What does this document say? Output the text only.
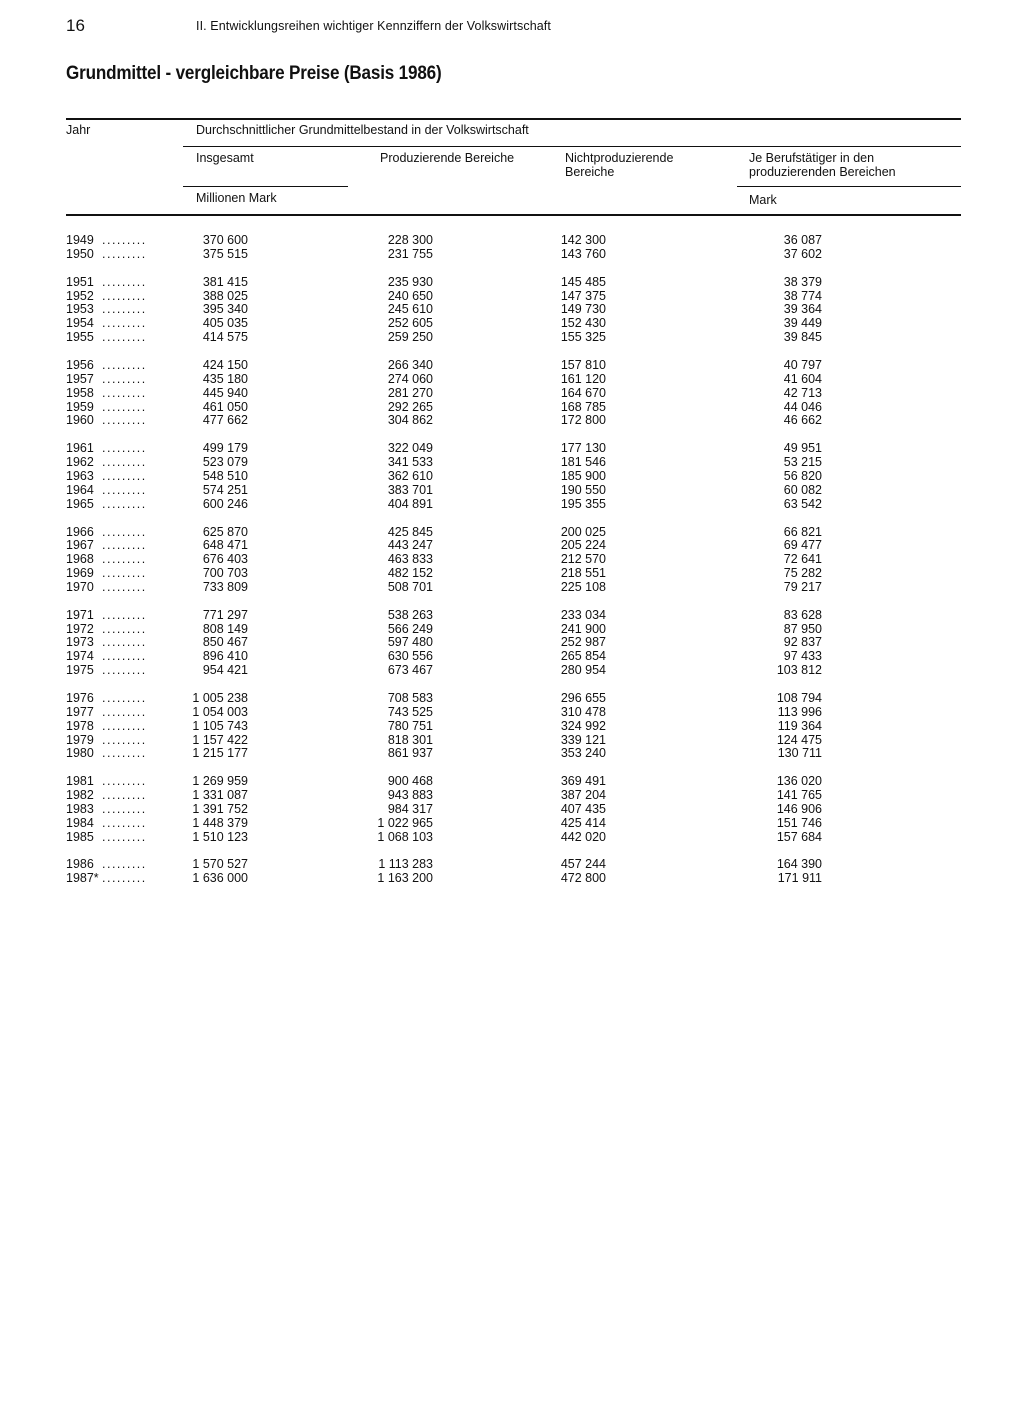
16	II. Entwicklungsreihen wichtiger Kennziffern der Volkswirtschaft
Grundmittel - vergleichbare Preise (Basis 1986)
Jahr	Durchschnittlicher Grundmittelbestand in der Volkswirtschaft
Insgesamt	Produzierende Bereiche	Nichtproduzierende
Bereiche
Je Berufstätiger in den
produzierenden Bereichen
Millionen Mark	Mark
1949 .........	370 600	228 300	142 300	36 087
1950 .........	375 515	231 755	143 760	37 602
1951 .........	381 415	235 930	145 485	38 379
1952 .........	388 025	240 650	147 375	38 774
1953 .........	395 340	245 610	149 730	39 364
1954 .........	405 035	252 605	152 430	39 449
1955 .........	414 575	259 250	155 325	39 845
1956 .........	424 150	266 340	157 810	40 797
1957 .........	435 180	274 060	161 120	41 604
1958 .........	445 940	281 270	164 670	42 713
1959 .........	461 050	292 265	168 785	44 046
1960 .........	477 662	304 862	172 800	46 662
1961 .........	499 179	322 049	177 130	49 951
1962 .........	523 079	341 533	181 546	53 215
1963 .........	548 510	362 610	185 900	56 820
1964 .........	574 251	383 701	190 550	60 082
1965 .........	600 246	404 891	195 355	63 542
1966 .........	625 870	425 845	200 025	66 821
1967 .........	648 471	443 247	205 224	69 477
1968 .........	676 403	463 833	212 570	72 641
1969 .........	700 703	482 152	218 551	75 282
1970 .........	733 809	508 701	225 108	79 217
1971 .........	771 297	538 263	233 034	83 628
1972 .........	808 149	566 249	241 900	87 950
1973 .........	850 467	597 480	252 987	92 837
1974 .........	896 410	630 556	265 854	97 433
1975 .........	954 421	673 467	280 954	103 812
1976 .........	1 005 238	708 583	296 655	108 794
1977 .........	1 054 003	743 525	310 478	113 996
1978 .........	1 105 743	780 751	324 992	119 364
1979 .........	1 157 422	818 301	339 121	124 475
1980 .........	1 215 177	861 937	353 240	130 711
1981 .........	1 269 959	900 468	369 491	136 020
1982 .........	1 331 087	943 883	387 204	141 765
1983 .........	1 391 752	984 317	407 435	146 906
1984 .........	1 448 379	1 022 965	425 414	151 746
1985 .........	1 510 123	1 068 103	442 020	157 684
1986 .........	1 570 527	1 113 283	457 244	164 390
1987* .........	1 636 000	1 163 200	472 800	171 911
